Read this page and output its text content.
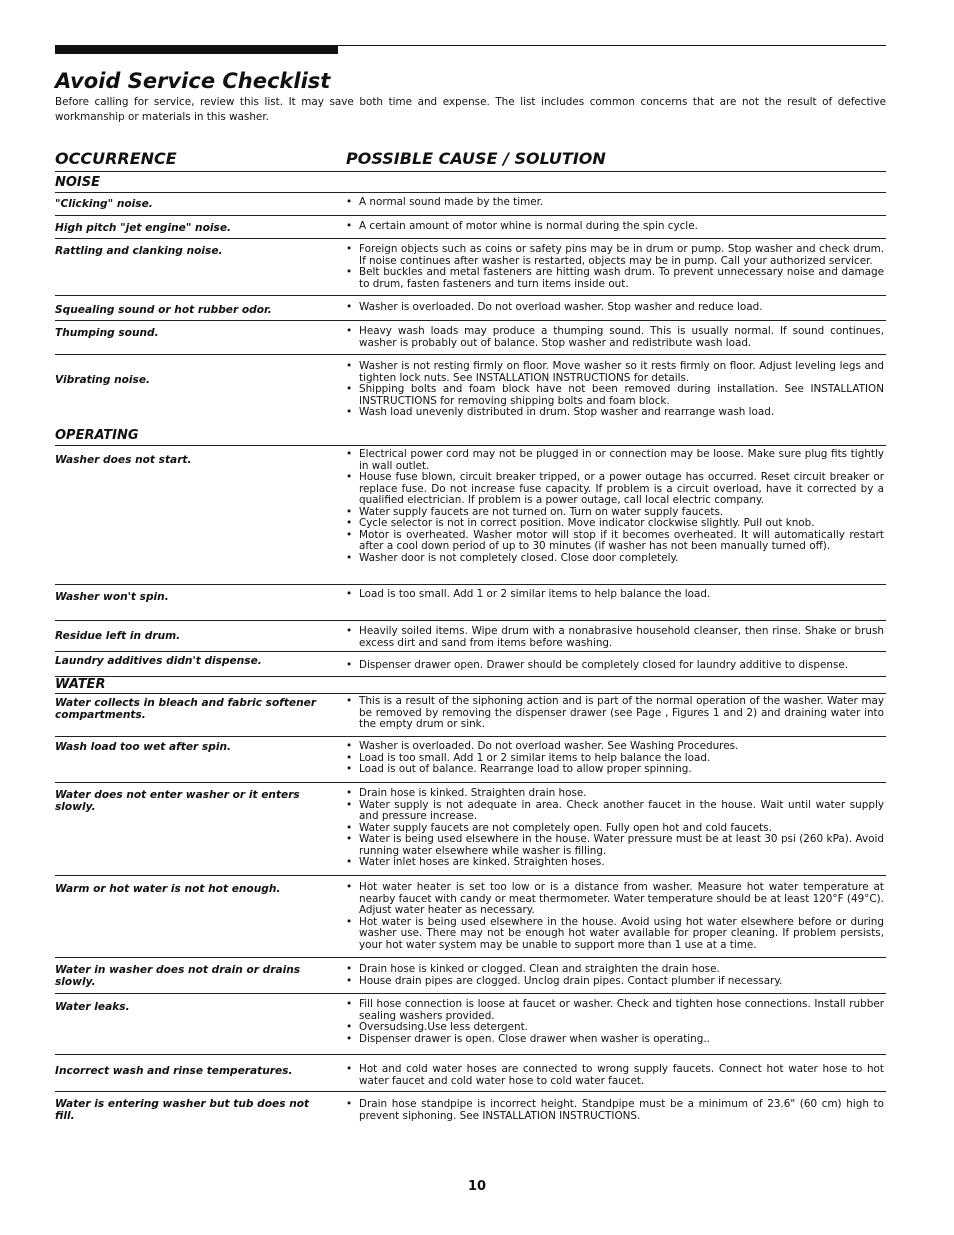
Avoid Service Checklist

Before calling for service, review this list. It may save both time and expense. The list includes common concerns that are not the result of defective workmanship or materials in this washer.

OCCURRENCE	POSSIBLE CAUSE / SOLUTION
NOISE
"Clicking" noise.	• A normal sound made by the timer.
High pitch "jet engine" noise.	• A certain amount of motor whine is normal during the spin cycle.
Rattling and clanking noise.	• Foreign objects such as coins or safety pins may be in drum or pump. Stop washer and check drum. If noise continues after washer is restarted, objects may be in pump. Call your authorized servicer.
• Belt buckles and metal fasteners are hitting wash drum. To prevent unnecessary noise and damage to drum, fasten fasteners and turn items inside out.
Squealing sound or hot rubber odor.	• Washer is overloaded. Do not overload washer. Stop washer and reduce load.
Thumping sound.	• Heavy wash loads may produce a thumping sound. This is usually normal. If sound continues, washer is probably out of balance. Stop washer and redistribute wash load.
Vibrating noise.
• Washer is not resting firmly on floor. Move washer so it rests firmly on floor. Adjust leveling legs and tighten lock nuts. See INSTALLATION INSTRUCTIONS for details.
• Shipping bolts and foam block have not been removed during installation. See INSTALLATION INSTRUCTIONS for removing shipping bolts and foam block.
• Wash load unevenly distributed in drum. Stop washer and rearrange wash load.
OPERATING
Washer does not start.	• Electrical power cord may not be plugged in or connection may be loose. Make sure plug fits tightly in wall outlet.
• House fuse blown, circuit breaker tripped, or a power outage has occurred. Reset circuit breaker or replace fuse. Do not increase fuse capacity. If problem is a circuit overload, have it corrected by a qualified electrician. If problem is a power outage, call local electric company.
• Water supply faucets are not turned on. Turn on water supply faucets.
• Cycle selector is not in correct position. Move indicator clockwise slightly. Pull out knob.
• Motor is overheated. Washer motor will stop if it becomes overheated. It will automatically restart after a cool down period of up to 30 minutes (if washer has not been manually turned off).
• Washer door is not completely closed. Close door completely.
Washer won't spin.	• Load is too small. Add 1 or 2 similar items to help balance the load.
Residue left in drum.	• Heavily soiled items. Wipe drum with a nonabrasive household cleanser, then rinse. Shake or brush excess dirt and sand from items before washing.
Laundry additives didn't dispense.	• Dispenser drawer open. Drawer should be completely closed for laundry additive to dispense.
WATER
Water collects in bleach and fabric softener compartments.
• This is a result of the siphoning action and is part of the normal operation of the washer. Water may be removed by removing the dispenser drawer (see Page , Figures 1 and 2) and draining water into the empty drum or sink.
Wash load too wet after spin.	• Washer is overloaded. Do not overload washer. See Washing Procedures.
• Load is too small. Add 1 or 2 similar items to help balance the load.
• Load is out of balance. Rearrange load to allow proper spinning.
Water does not enter washer or it enters slowly.
• Drain hose is kinked. Straighten drain hose.
• Water supply is not adequate in area. Check another faucet in the house. Wait until water supply and pressure increase.
• Water supply faucets are not completely open. Fully open hot and cold faucets.
• Water is being used elsewhere in the house. Water pressure must be at least 30 psi (260 kPa). Avoid running water elsewhere while washer is filling.
• Water inlet hoses are kinked. Straighten hoses.
Warm or hot water is not hot enough.	• Hot water heater is set too low or is a distance from washer. Measure hot water temperature at nearby faucet with candy or meat thermometer. Water temperature should be at least 120°F (49°C). Adjust water heater as necessary.
• Hot water is being used elsewhere in the house. Avoid using hot water elsewhere before or during washer use. There may not be enough hot water available for proper cleaning. If problem persists, your hot water system may be unable to support more than 1 use at a time.
Water in washer does not drain or drains slowly.
• Drain hose is kinked or clogged. Clean and straighten the drain hose.
• House drain pipes are clogged. Unclog drain pipes. Contact plumber if necessary.
Water leaks.	• Fill hose connection is loose at faucet or washer. Check and tighten hose connections. Install rubber sealing washers provided.
• Oversudsing.Use less detergent.
• Dispenser drawer is open. Close drawer when washer is operating..
Incorrect wash and rinse temperatures.	• Hot and cold water hoses are connected to wrong supply faucets. Connect hot water hose to hot water faucet and cold water hose to cold water faucet.
Water is entering washer but tub does not fill.
• Drain hose standpipe is incorrect height. Standpipe must be a minimum of 23.6" (60 cm) high to prevent siphoning. See INSTALLATION INSTRUCTIONS.
10
